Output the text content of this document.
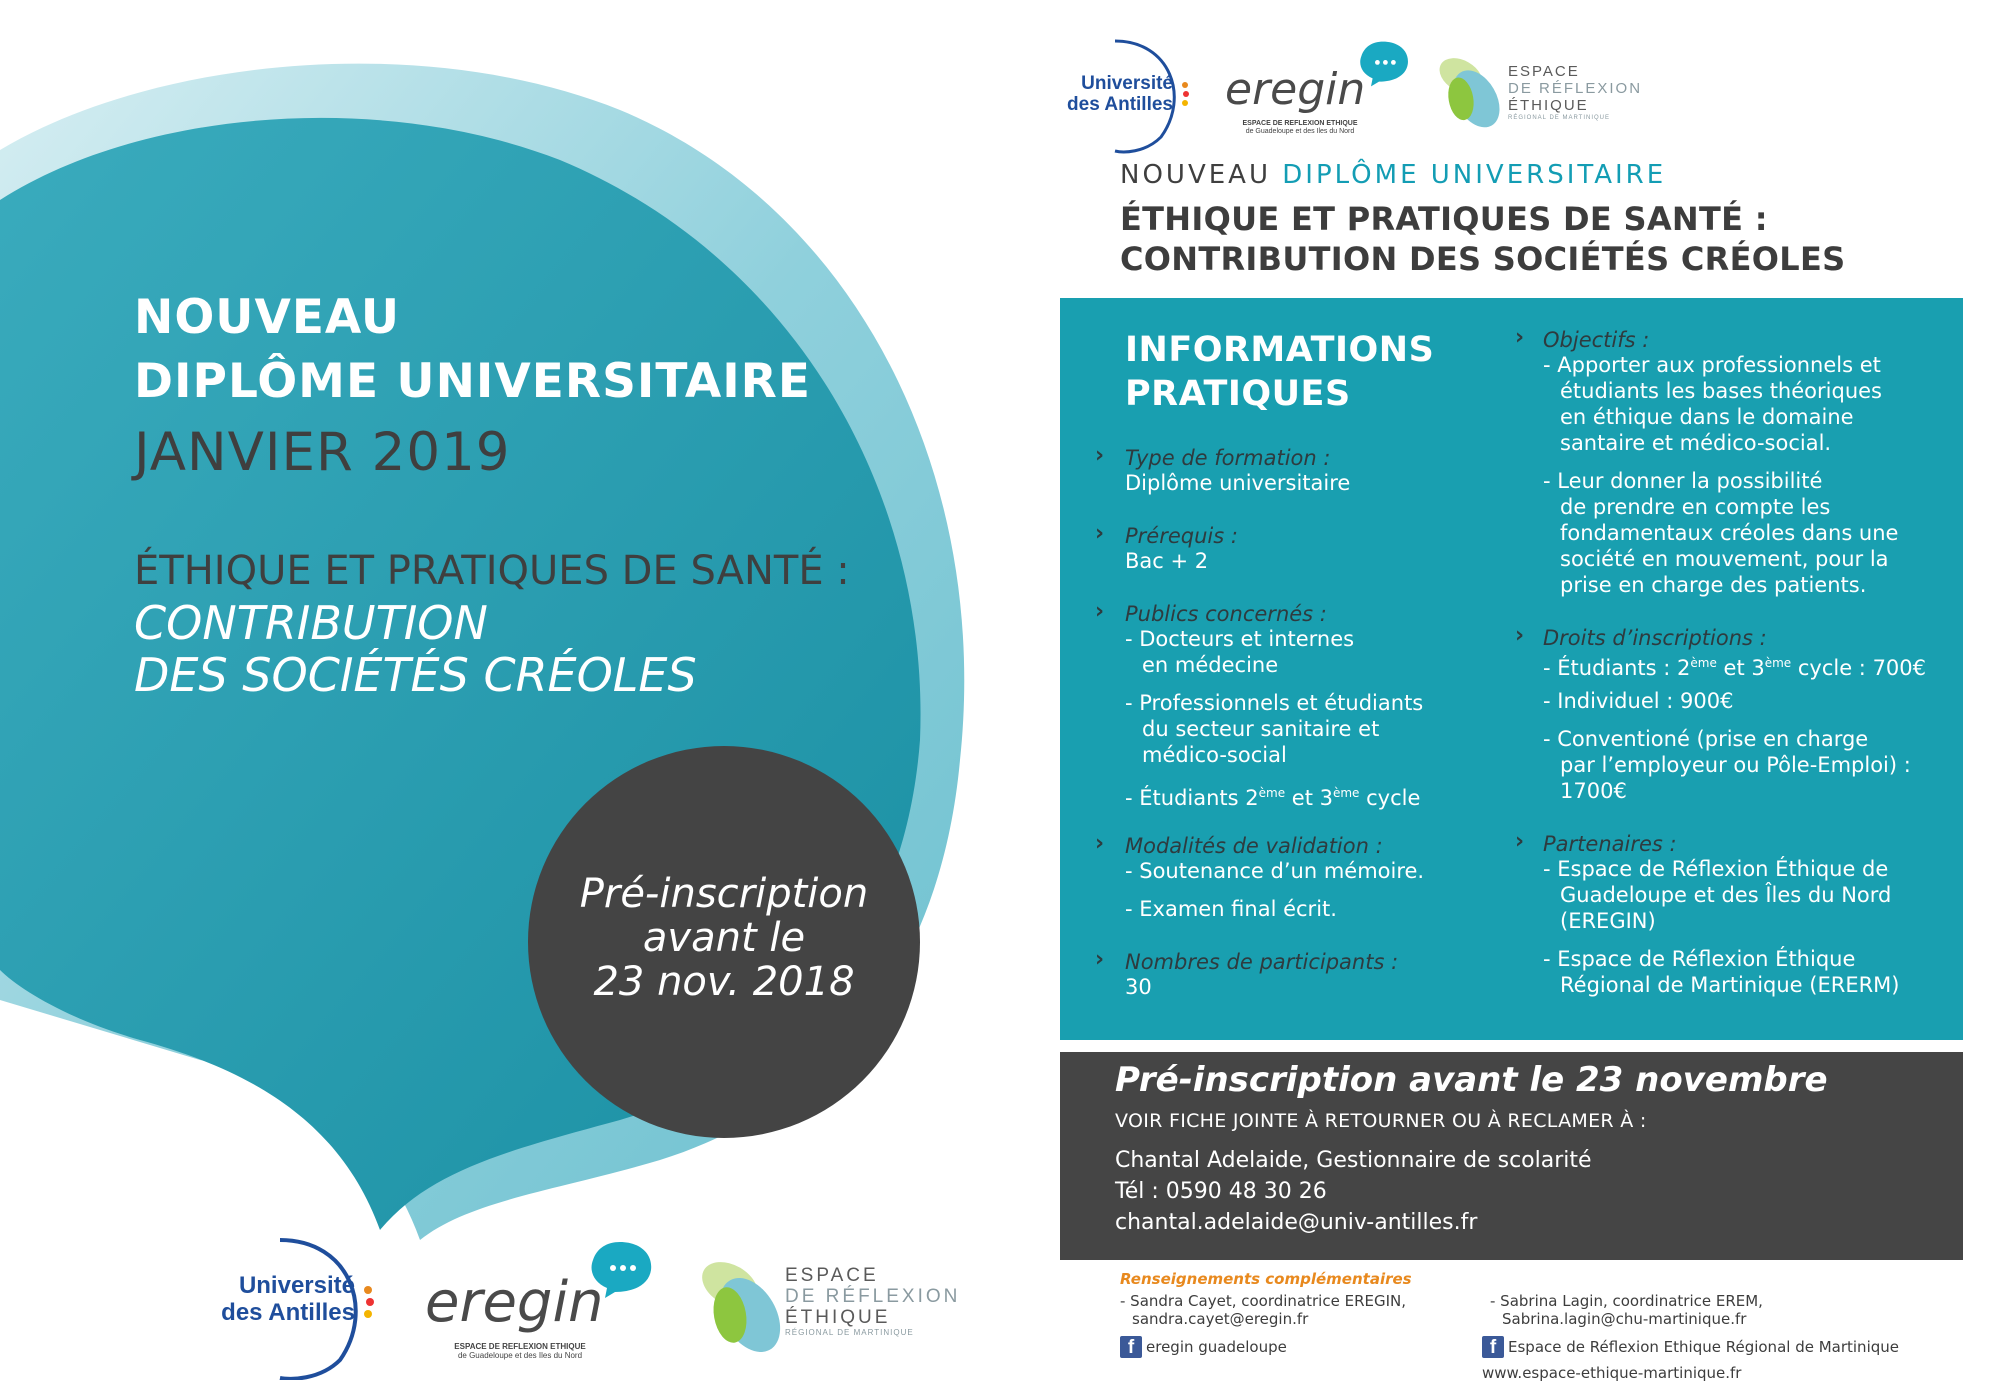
NOUVEAU
DIPLÔME UNIVERSITAIRE
JANVIER 2019
ÉTHIQUE ET PRATIQUES DE SANTÉ :
CONTRIBUTION
DES SOCIÉTÉS CRÉOLES
Pré-inscription
avant le
23 nov. 2018
Université
des Antilles eregin
ESPACE DE REFLEXION ETHIQUE
de Guadeloupe et des Iles du Nord
ESPACE
DE RÉFLEXION
ÉTHIQUE
RÉGIONAL DE MARTINIQUE
Université
des Antilles eregin
ESPACE DE REFLEXION ETHIQUE
de Guadeloupe et des Iles du Nord
ESPACE
DE RÉFLEXION
ÉTHIQUE
RÉGIONAL DE MARTINIQUE
NOUVEAU DIPLÔME UNIVERSITAIRE
ÉTHIQUE ET PRATIQUES DE SANTÉ :
CONTRIBUTION DES SOCIÉTÉS CRÉOLES
INFORMATIONS
PRATIQUES
› Type de formation :
Diplôme universitaire
› Prérequis :
Bac + 2
› Publics concernés :
- Docteurs et internes
en médecine
- Professionnels et étudiants
du secteur sanitaire et
médico-social
- Étudiants 2ème et 3ème cycle
› Modalités de validation :
- Soutenance d’un mémoire.
- Examen final écrit.
› Nombres de participants :
30
› Objectifs :
- Apporter aux professionnels et
étudiants les bases théoriques
en éthique dans le domaine
santaire et médico-social.
- Leur donner la possibilité
de prendre en compte les
fondamentaux créoles dans une
société en mouvement, pour la
prise en charge des patients.
› Droits d’inscriptions :
- Étudiants : 2ème et 3ème cycle : 700€
- Individuel : 900€
- Conventioné (prise en charge
par l’employeur ou Pôle-Emploi) :
1700€
› Partenaires :
- Espace de Réflexion Éthique de
Guadeloupe et des Îles du Nord
(EREGIN)
- Espace de Réflexion Éthique
Régional de Martinique (ERERM)
Pré-inscription avant le 23 novembre
VOIR FICHE JOINTE À RETOURNER OU À RECLAMER À :
Chantal Adelaide, Gestionnaire de scolarité
Tél : 0590 48 30 26
chantal.adelaide@univ-antilles.fr
Renseignements complémentaires
- Sandra Cayet, coordinatrice EREGIN,
sandra.cayet@eregin.fr
- Sabrina Lagin, coordinatrice EREM,
Sabrina.lagin@chu-martinique.fr
f eregin guadeloupe	f Espace de Réflexion Ethique Régional de Martinique
www.espace-ethique-martinique.fr
